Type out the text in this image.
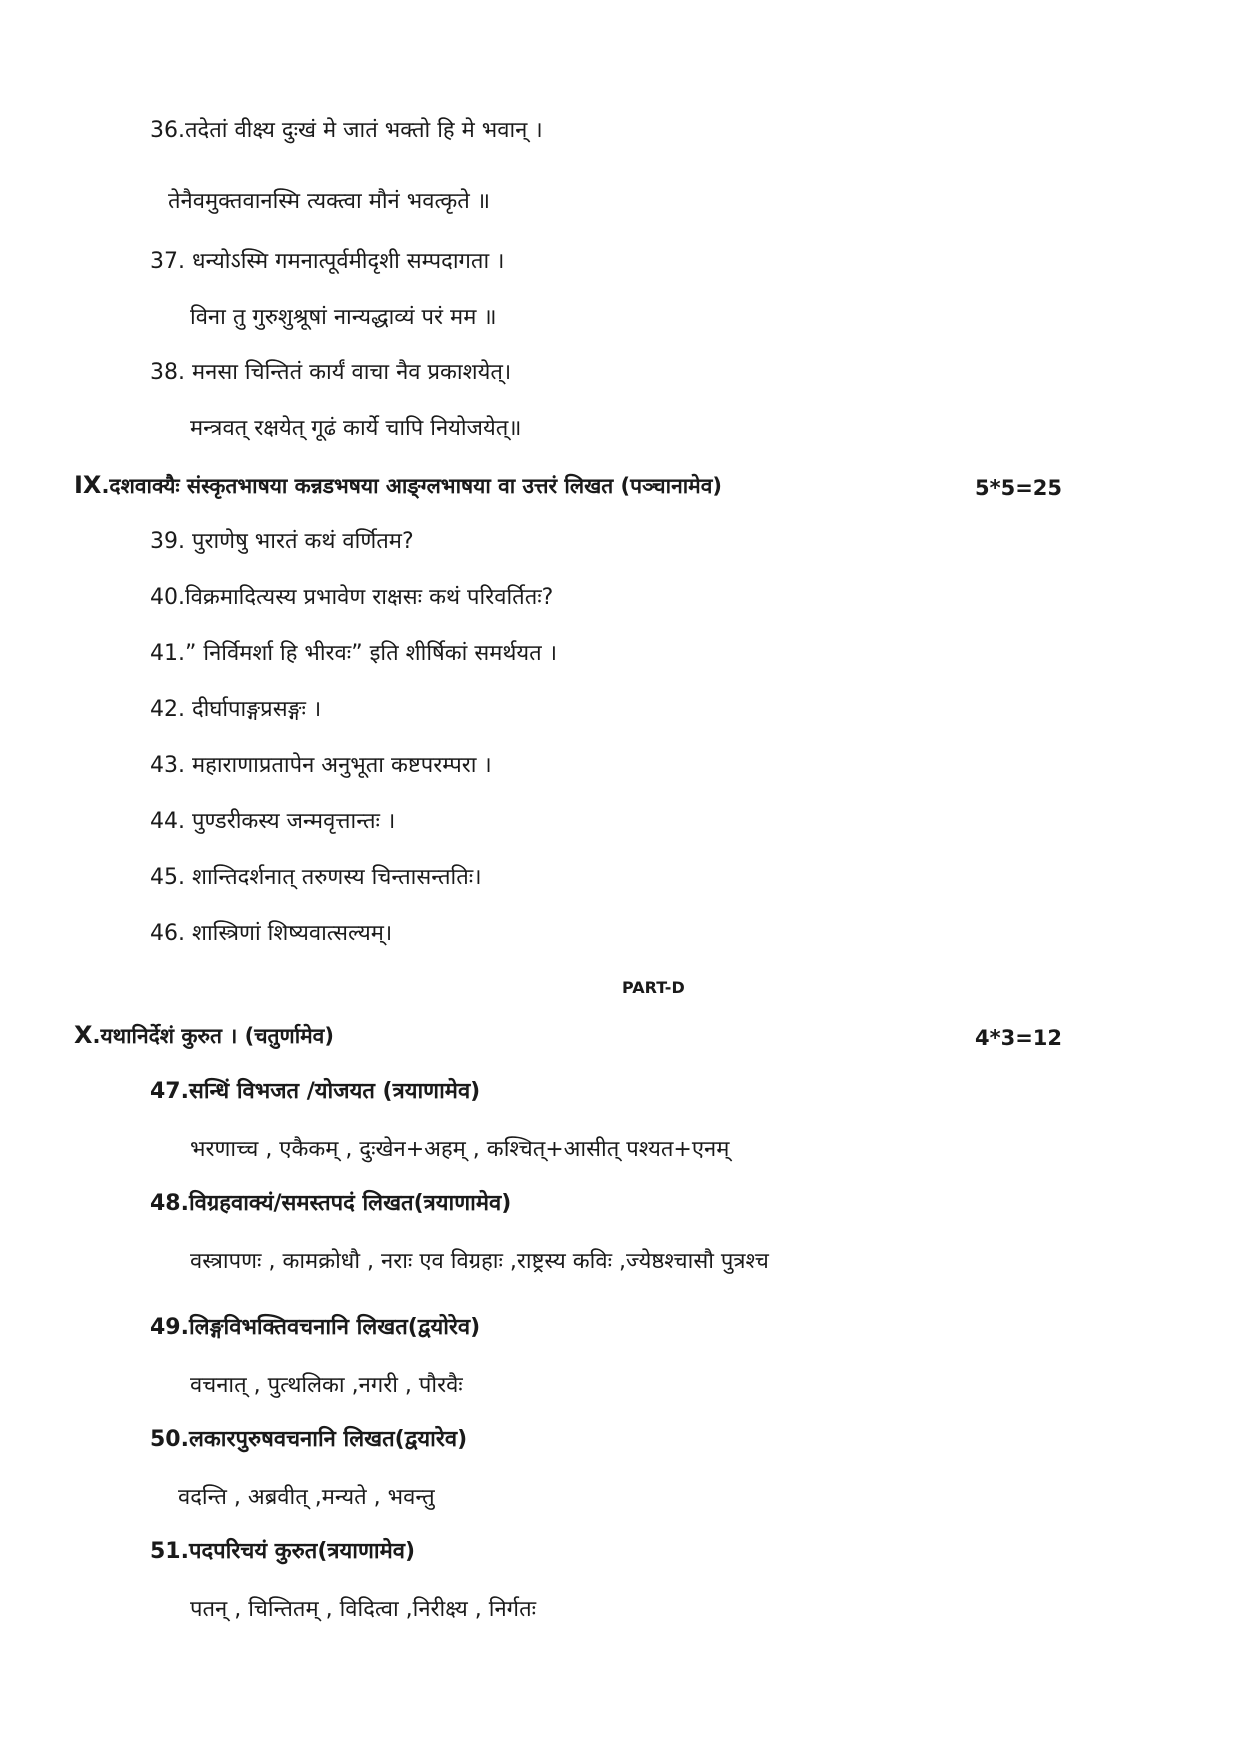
36.तदेतां वीक्ष्य दुःखं मे जातं भक्तो हि मे भवान् ।
तेनैवमुक्तवानस्मि त्यक्त्वा मौनं भवत्कृते ॥
37. धन्योऽस्मि गमनात्पूर्वमीदृशी सम्पदागता ।
विना तु गुरुशुश्रूषां नान्यद्धाव्यं परं मम ॥
38. मनसा चिन्तितं कार्यं वाचा नैव प्रकाशयेत्।
मन्त्रवत् रक्षयेत् गूढं कार्ये चापि नियोजयेत्॥
IX.दशवाक्यैः संस्कृतभाषया कन्नडभषया आङ्ग्लभाषया वा उत्तरं लिखत (पञ्चानामेव)	5*5=25
39. पुराणेषु भारतं कथं वर्णितम?
40.विक्रमादित्यस्य प्रभावेण राक्षसः कथं परिवर्तितः?
41.” निर्विमर्शा हि भीरवः” इति शीर्षिकां समर्थयत ।
42. दीर्घापाङ्गप्रसङ्गः ।
43. महाराणाप्रतापेन अनुभूता कष्टपरम्परा ।
44. पुण्डरीकस्य जन्मवृत्तान्तः ।
45. शान्तिदर्शनात् तरुणस्य चिन्तासन्ततिः।
46. शास्त्रिणां शिष्यवात्सल्यम्।
PART-D
X.यथानिर्देशं कुरुत । (चतुर्णामेव)	4*3=12
47.सन्धिं विभजत /योजयत (त्रयाणामेव)
भरणाच्च , एकैकम् , दुःखेन+अहम् , कश्चित्+आसीत् पश्यत+एनम्
48.विग्रहवाक्यं/समस्तपदं लिखत(त्रयाणामेव)
वस्त्रापणः , कामक्रोधौ , नराः एव विग्रहाः ,राष्ट्रस्य कविः ,ज्येष्ठश्चासौ पुत्रश्च
49.लिङ्गविभक्तिवचनानि लिखत(द्वयोरेव)
वचनात् , पुत्थलिका ,नगरी , पौरवैः
50.लकारपुरुषवचनानि लिखत(द्वयारेव)
वदन्ति , अब्रवीत् ,मन्यते , भवन्तु
51.पदपरिचयं कुरुत(त्रयाणामेव)
पतन् , चिन्तितम् , विदित्वा ,निरीक्ष्य , निर्गतः
